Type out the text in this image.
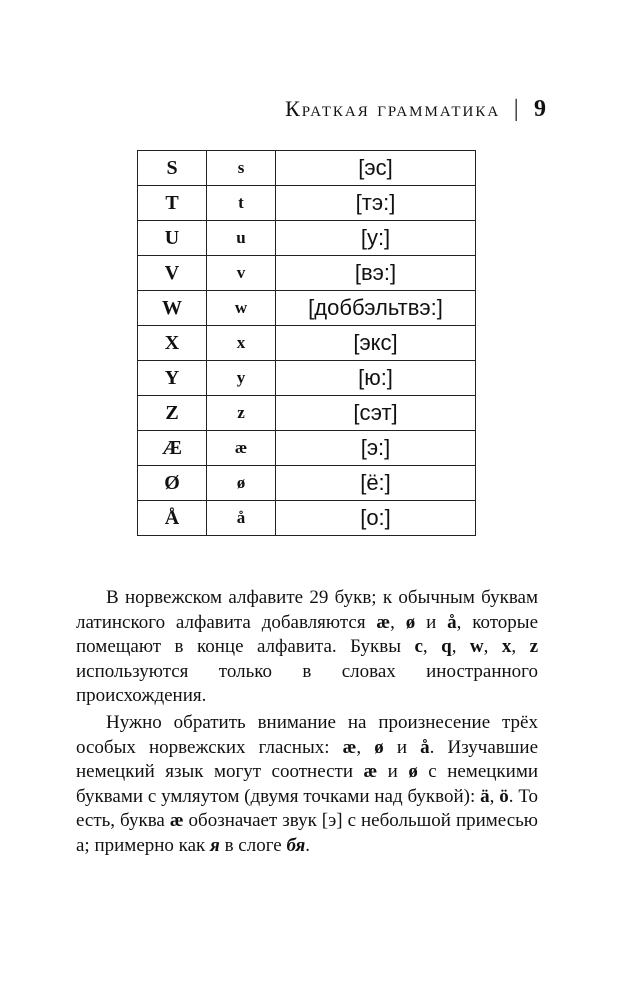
Краткая грамматика | 9
S	s	[эс]
T	t	[тэ:]
U	u	[у:]
V	v	[вэ:]
W	w	[доббэльтвэ:]
X	x	[экс]
Y	y	[ю:]
Z	z	[сэт]
Æ	æ	[э:]
Ø	ø	[ё:]
Å	å	[о:]

В норвежском алфавите 29 букв; к обычным буквам латинского алфавита добавляются æ, ø и å, которые помещают в конце алфавита. Буквы c, q, w, x, z используются только в словах иностранного происхождения.

Нужно обратить внимание на произнесение трёх особых норвежских гласных: æ, ø и å. Изучавшие немецкий язык могут соотнести æ и ø с немецкими буквами с умляутом (двумя точками над буквой): ä, ö. То есть, буква æ обозначает звук [э] с небольшой примесью а; примерно как я в слоге бя.
